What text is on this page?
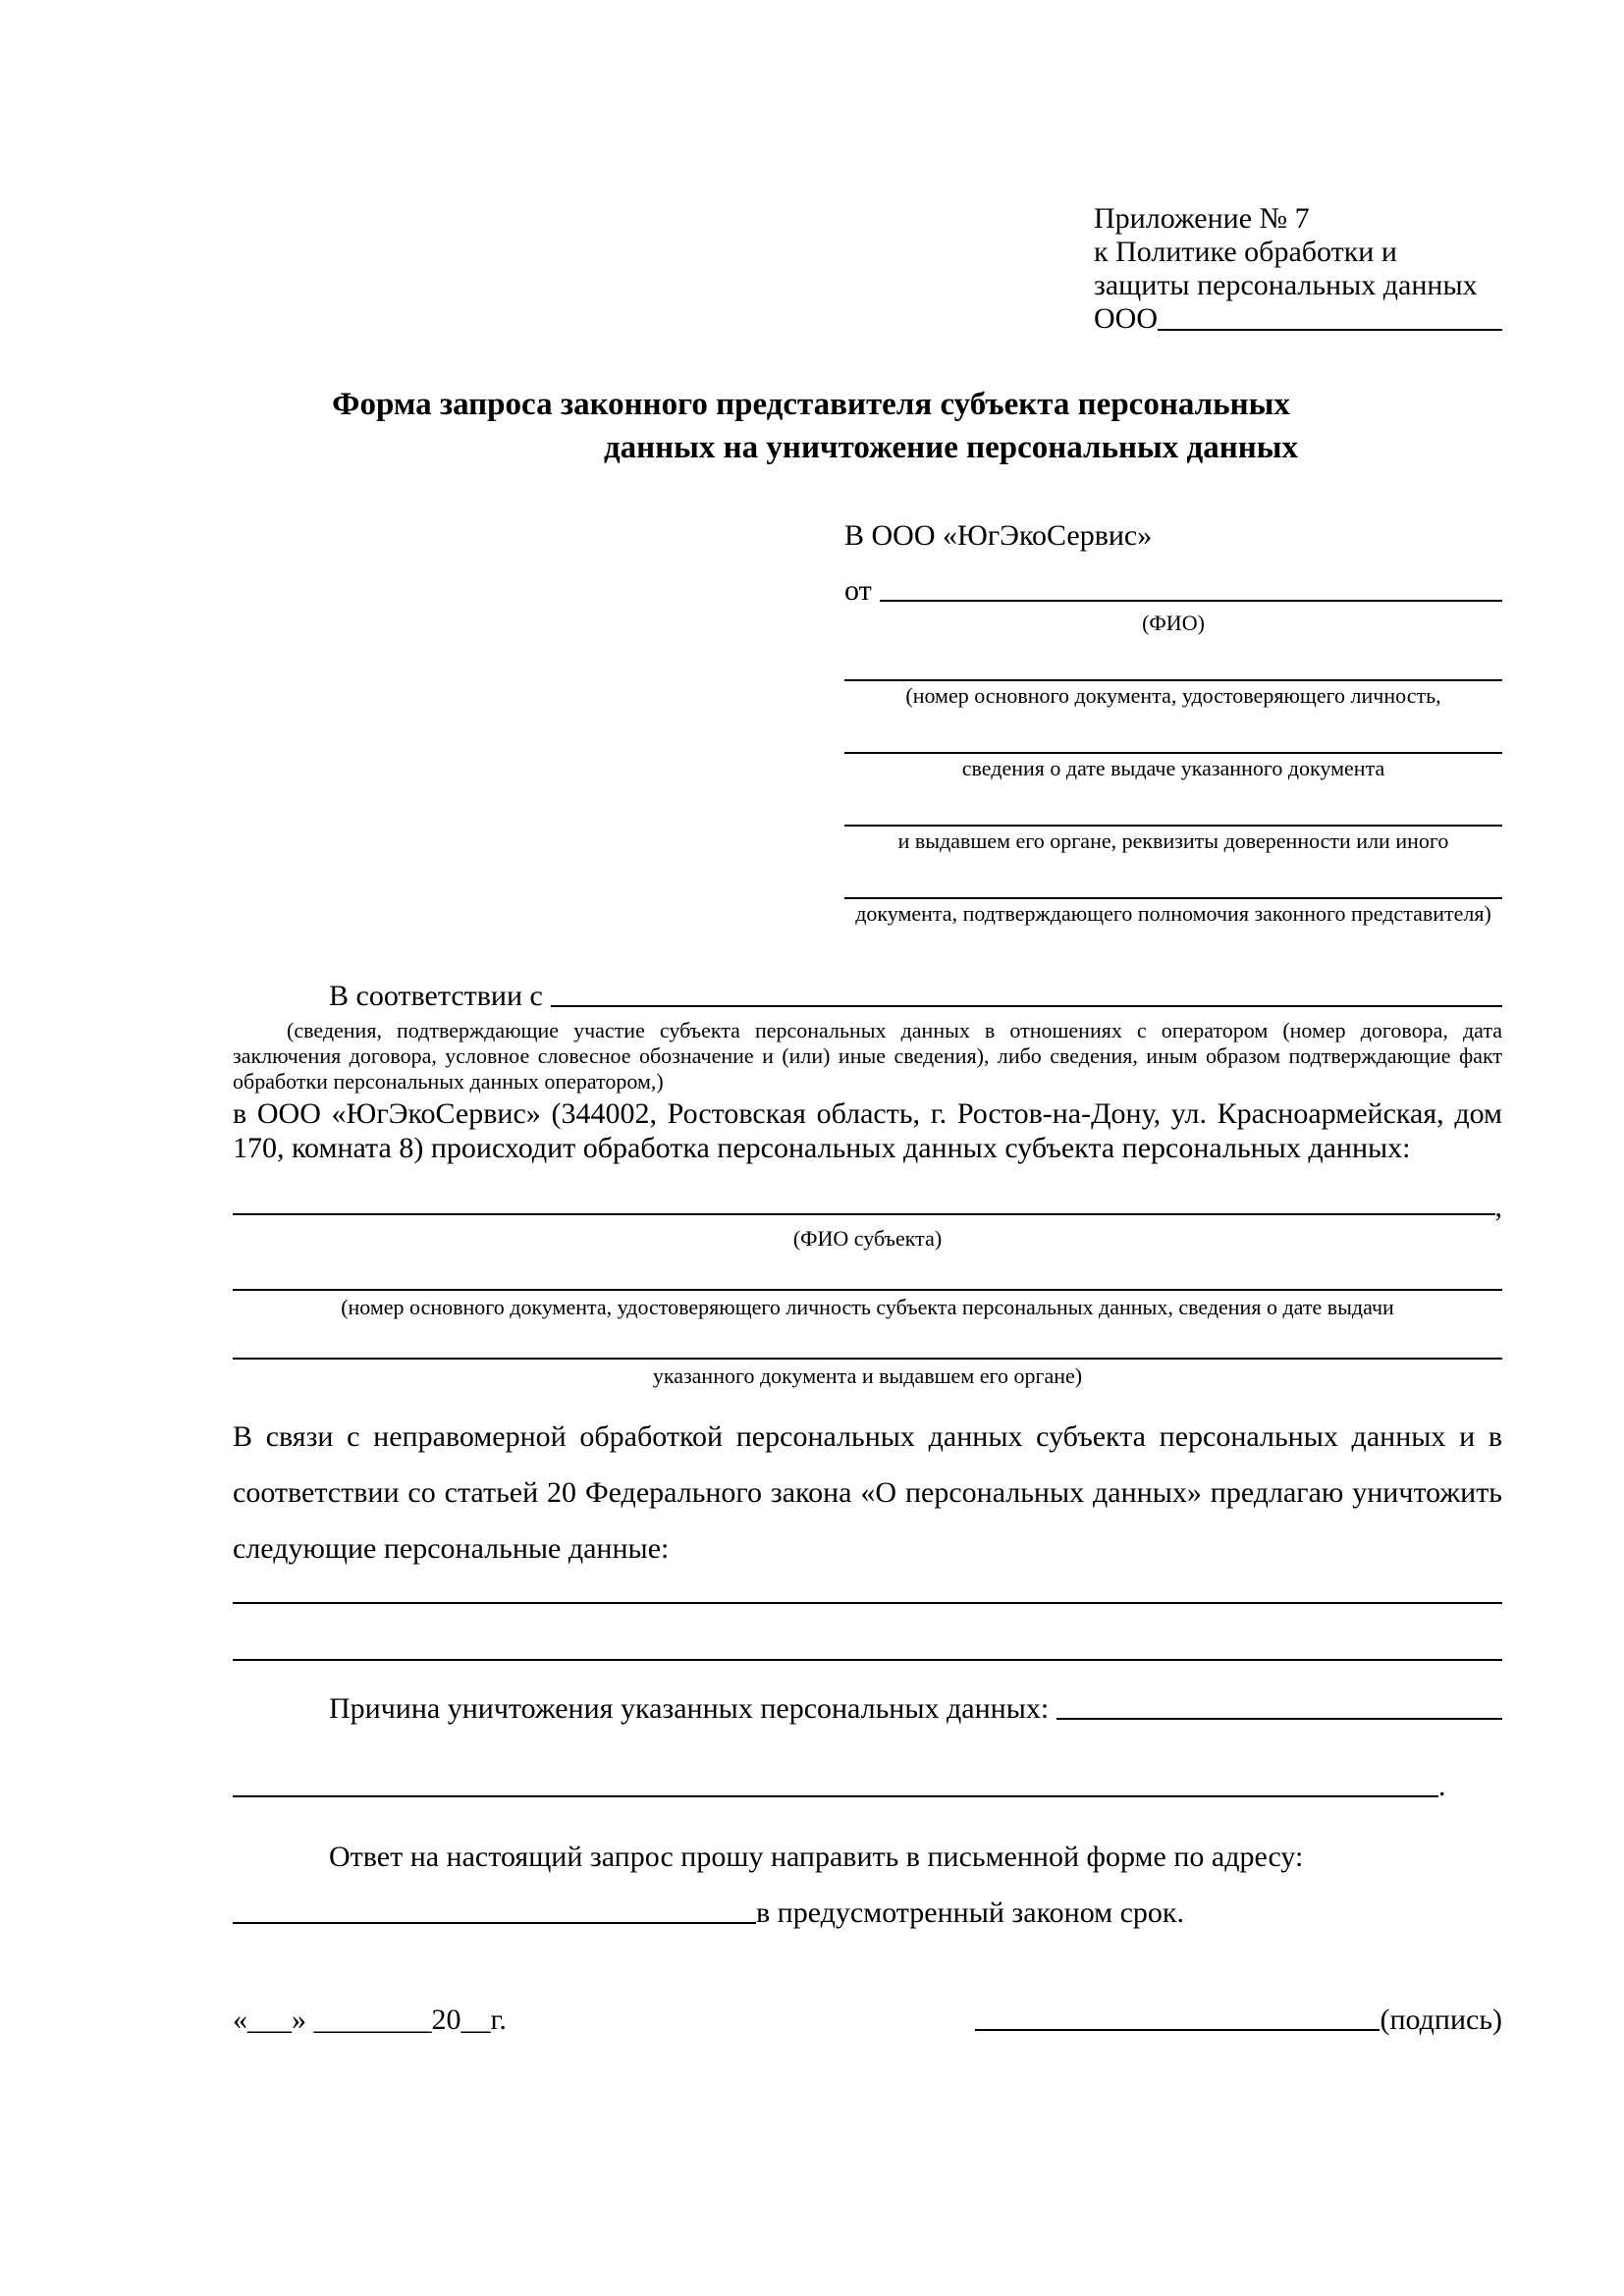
Приложение № 7
к Политике обработки и
защиты персональных данных
ООО
Форма запроса законного представителя субъекта персональных
данных на уничтожение персональных данных
В ООО «ЮгЭкоСервис»
от
(ФИО)
(номер основного документа, удостоверяющего личность,
сведения о дате выдаче указанного документа
и выдавшем его органе, реквизиты доверенности или иного
документа, подтверждающего полномочия законного представителя)
В соответствии с
(сведения, подтверждающие участие субъекта персональных данных в отношениях с оператором (номер договора, дата заключения договора, условное словесное обозначение и (или) иные сведения), либо сведения, иным образом подтверждающие факт обработки персональных данных оператором,)
в ООО «ЮгЭкоСервис» (344002, Ростовская область, г. Ростов-на-Дону, ул. Красноармейская, дом 170, комната 8) происходит обработка персональных данных субъекта персональных данных:
,
(ФИО субъекта)
(номер основного документа, удостоверяющего личность субъекта персональных данных, сведения о дате выдачи
указанного документа и выдавшем его органе)
В связи с неправомерной обработкой персональных данных субъекта персональных данных и в соответствии со статьей 20 Федерального закона «О персональных данных» предлагаю уничтожить следующие персональные данные:
Причина уничтожения указанных персональных данных:
.
Ответ на настоящий запрос прошу направить в письменной форме по адресу:
в предусмотренный законом срок.
«___» ________20__г.	(подпись)
